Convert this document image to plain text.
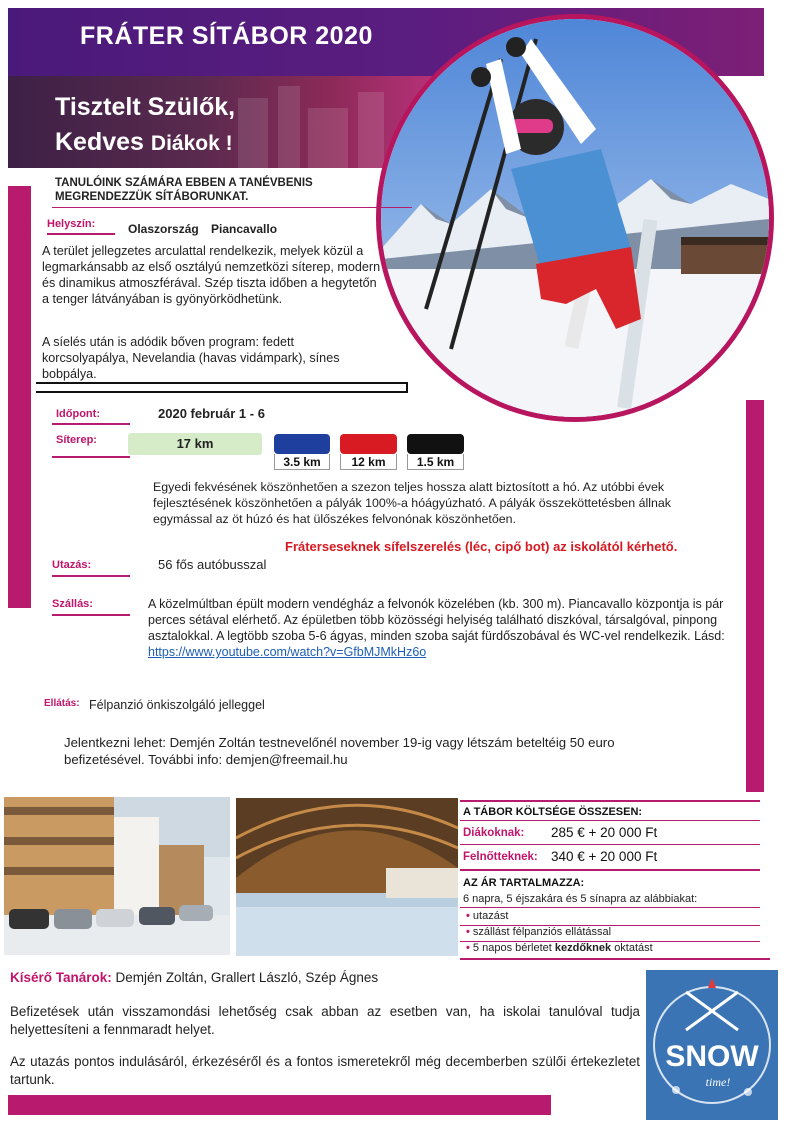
FRÁTER SÍTÁBOR 2020
Tisztelt Szülők,
Kedves Diákok !
TANULÓINK SZÁMÁRA EBBEN A TANÉVBENIS
MEGRENDEZZÜK SÍTÁBORUNKAT.
Helyszín:	Olaszország Piancavallo
A terület jellegzetes arculattal rendelkezik, melyek közül a legmarkánsabb az első osztályú nemzetközi síterep, modern és dinamikus atmoszférával. Szép tiszta időben a hegytetőn a tenger látványában is gyönyörködhetünk.
A síelés után is adódik bőven program: fedett korcsolyapálya, Nevelandia (havas vidámpark), sínes bobpálya.
Időpont:	2020 február 1 - 6
Síterep:	17 km
3.5 km	12 km	1.5 km
Egyedi fekvésének köszönhetően a szezon teljes hossza alatt biztosított a hó. Az utóbbi évek fejlesztésének köszönhetően a pályák 100%-a hóágyúzható. A pályák összeköttetésben állnak egymással az öt húzó és hat ülőszékes felvonónak köszönhetően.
Fráterseseknek sífelszerelés (léc, cipő bot) az iskolától kérhető.
Utazás:	56 fős autóbusszal
Szállás:	A közelmúltban épült modern vendégház a felvonók közelében (kb. 300 m). Piancavallo központja is pár perces sétával elérhető. Az épületben több közösségi helyiség található diszkóval, társalgóval, pinpong asztalokkal. A legtöbb szoba 5-6 ágyas, minden szoba saját fürdőszobával és WC-vel rendelkezik. Lásd: https://www.youtube.com/watch?v=GfbMJMkHz6o
Ellátás: Félpanzió önkiszolgáló jelleggel
Jelentkezni lehet: Demjén Zoltán testnevelőnél november 19-ig vagy létszám beteltéig 50 euro
befizetésével. További info: demjen@freemail.hu
A TÁBOR KÖLTSÉGE ÖSSZESEN:
Diákoknak: 285 € + 20 000 Ft
Felnőtteknek: 340 € + 20 000 Ft
AZ ÁR TARTALMAZZA:
6 napra, 5 éjszakára és 5 sínapra az alábbiakat:
• utazást
• szállást félpanziós ellátással
• 5 napos bérletet kezdőknek oktatást
Kísérő Tanárok: Demjén Zoltán, Grallert László, Szép Ágnes
Befizetések után visszamondási lehetőség csak abban az esetben van, ha iskolai tanulóval tudja helyettesíteni a fennmaradt helyet.
Az utazás pontos indulásáról, érkezéséről és a fontos ismeretekről még decemberben szülői értekezletet tartunk.
SNOW
time!
